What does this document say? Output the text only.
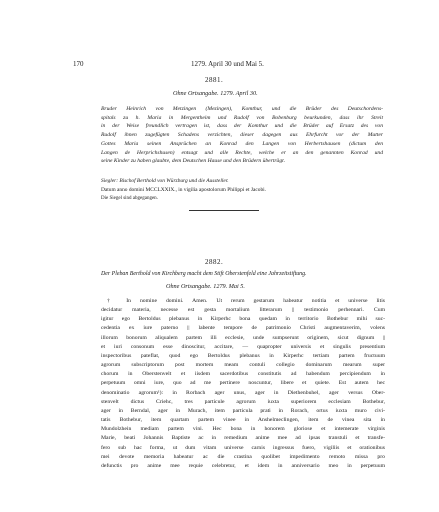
170	1279. April 30 und Mai 5.
2881.
Ohne Ortsangabe. 1279. April 30.
Bruder Heinrich von Metzingen (Mezingen), Komthur, und die Brüder des Deutschordens-
spitals zu h. Maria in Mergentheim und Rudolf von Bobenburg beurkunden, dass ihr Streit
in der Weise freundlich vertragen ist, dass der Komthur und die Brüder auf Ersatz des von
Rudolf ihnen zugefügten Schadens verzichten, dieser dagegen aus Ehrfurcht vor der Mutter
Gottes Maria seinen Ansprüchen an Konrad den Langen von Herbertshausen (dictum den
Langen de Herprichshusen) entsagt und alle Rechte, welche er an den genannten Konrad und
seine Kinder zu haben glaubte, dem Deutschen Hause und den Brüdern überträgt.
Siegler: Bischof Berthold von Würzburg und die Aussteller.
Datum anno domini MCCLXXIX., in vigilia apostolorum Philippi et Jacobi.
Die Siegel sind abgegangen.
2882.
Der Pleban Berthold von Kirchberg macht dem Stift Oberstenfeld eine Jahrzeitstiftung.
Ohne Ortsangabe. 1279. Mai 5.
† In nomine domini. Amen. Ut rerum gestarum habeatur notitia et universe litis
decidatur materia, necesse est gesta mortalium litterarum || testimonio perhennari. Cum
igitur ego Bertoldus plebanus in Kirperhc bona quedam in territorio Bothebur mihi suc-
cedentia ex iure paterno || labente tempore de patrimonio Christi augmentaverim, volens
illorum bonorum aliqualem partem illi ecclesie, unde sumpserunt originem, sicut dignum ||
et iuri consonum esse dinoscitur, accitare, — quapropter universis et singulis presentium
inspectoribus pateflat, quod ego Bertoldus plebanus in Kirperhc tertiam partem fructuum
agrorum subscriptorum post mortem meam contuli collegio dominarum mearum super
chorum in Oberstenvelt et iisdem sacerdotibus constitutis ad habendum percipiendum in
perpetuum omni iure, quo ad me pertinere noscuntur, libere et quiete. Est autem hec
denominatio agrorum¹): in Rorbach ager unus, ager in Diethenbuhel, ager versus Ober-
stenvelt dictus Criehc, tres particule agrorum iuxta superiorem ecclesiam Bothebur,
ager in Berndal, ager in Murach, item particula prati in Rorach, ortus iuxta muro civi-
tatis Bothebur, item quartam partem vinee in Anshelmeclingen, item de vinea sita in
Mundolzhein mediam partem vini. Hec bona in honorem gloriose et intemerate virginis
Marie, beati Johannis Baptiste ac in remedium anime mee ad ipsas transtuli et transfe-
fero sub hac forma, ut dum vitam universe carnis ingressus fuero, vigiliis et orationibus
mei devote memoria habeatur ac die crastina quolibet impedimento remoto missa pro
defunctis pro anime mee requie celebretur, et idem in anniversario meo in perpetuum
